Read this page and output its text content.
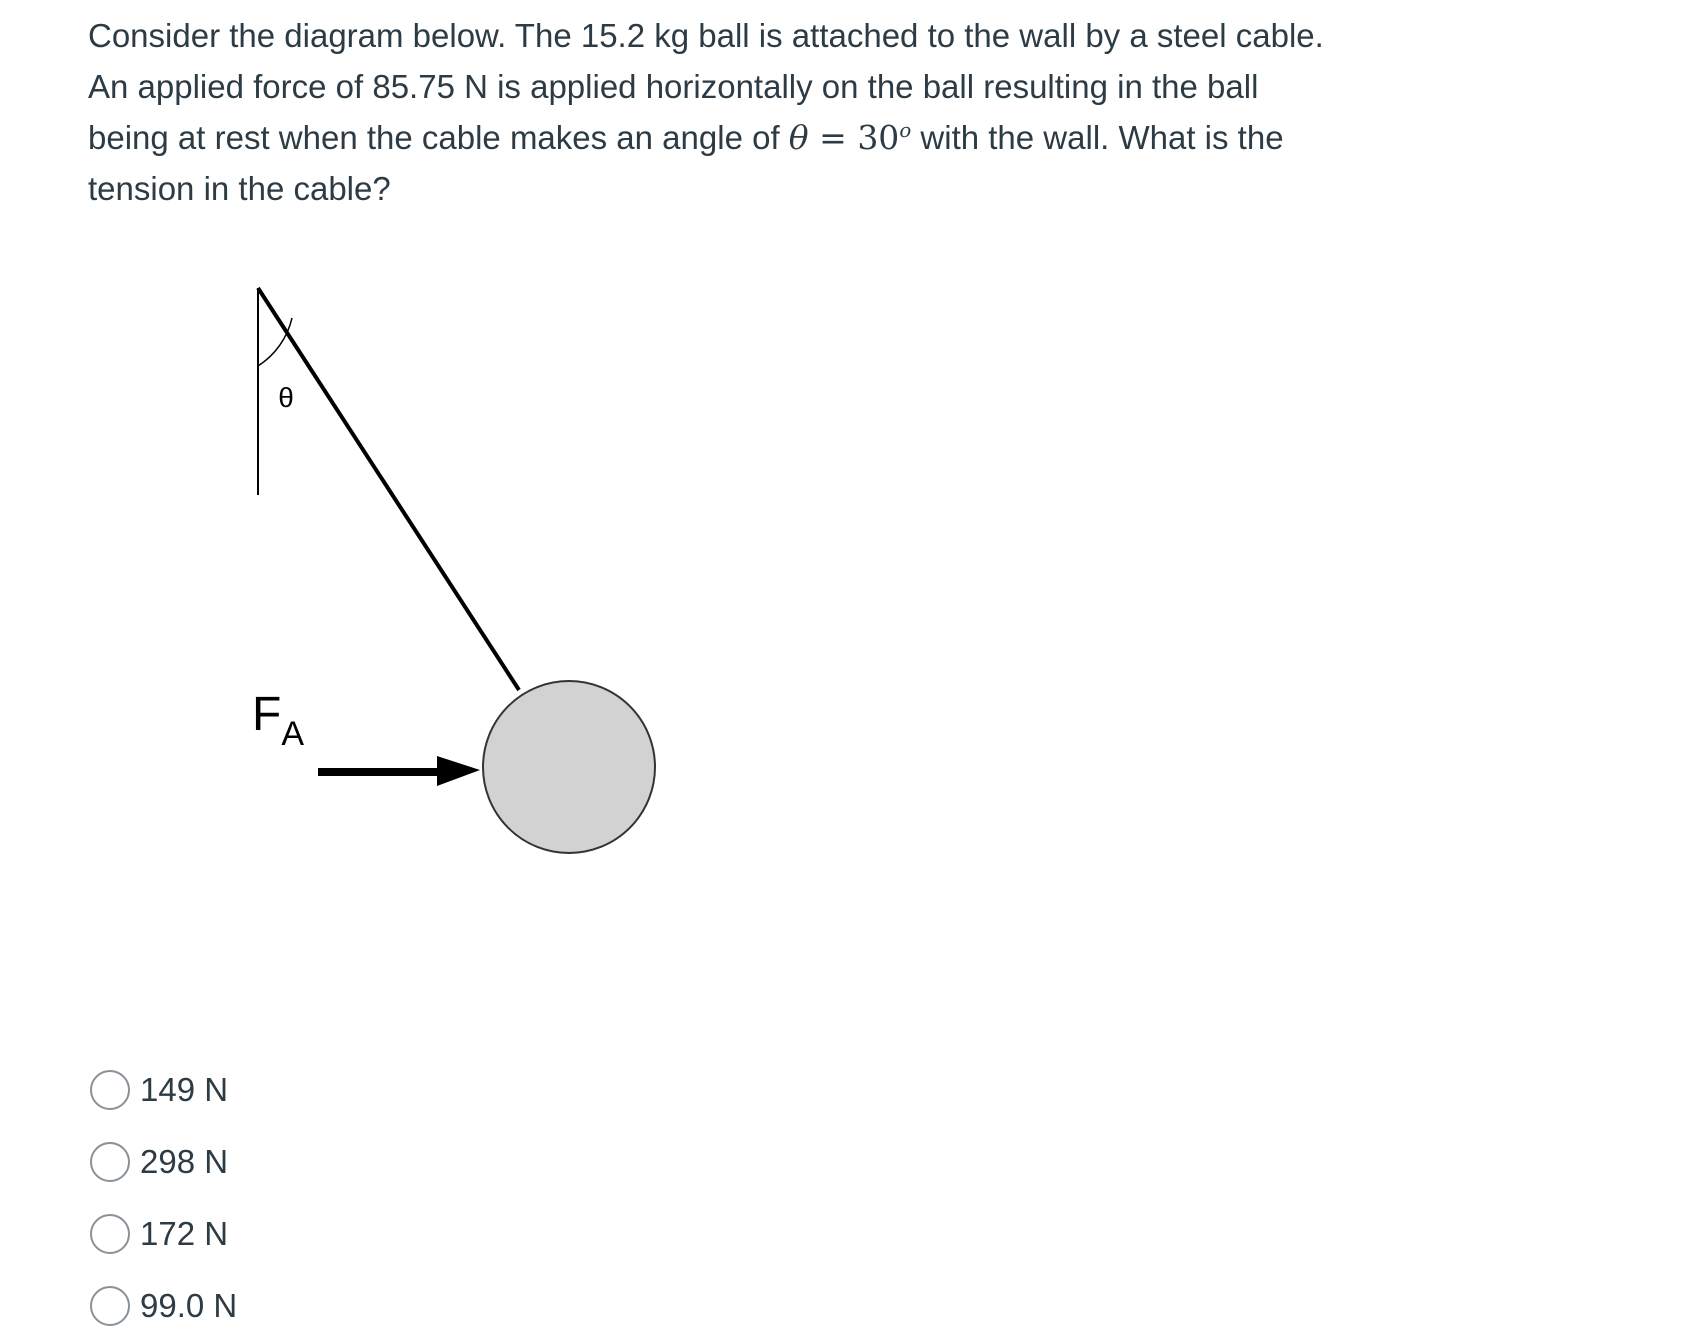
Consider the diagram below. The 15.2 kg ball is attached to the wall by a steel cable.

An applied force of 85.75 N is applied horizontally on the ball resulting in the ball

being at rest when the cable makes an angle of $\theta = 30^o$ with the wall. What is the

tension in the cable?

θ
$F_A$
149 N
298 N
172 N
99.0 N
